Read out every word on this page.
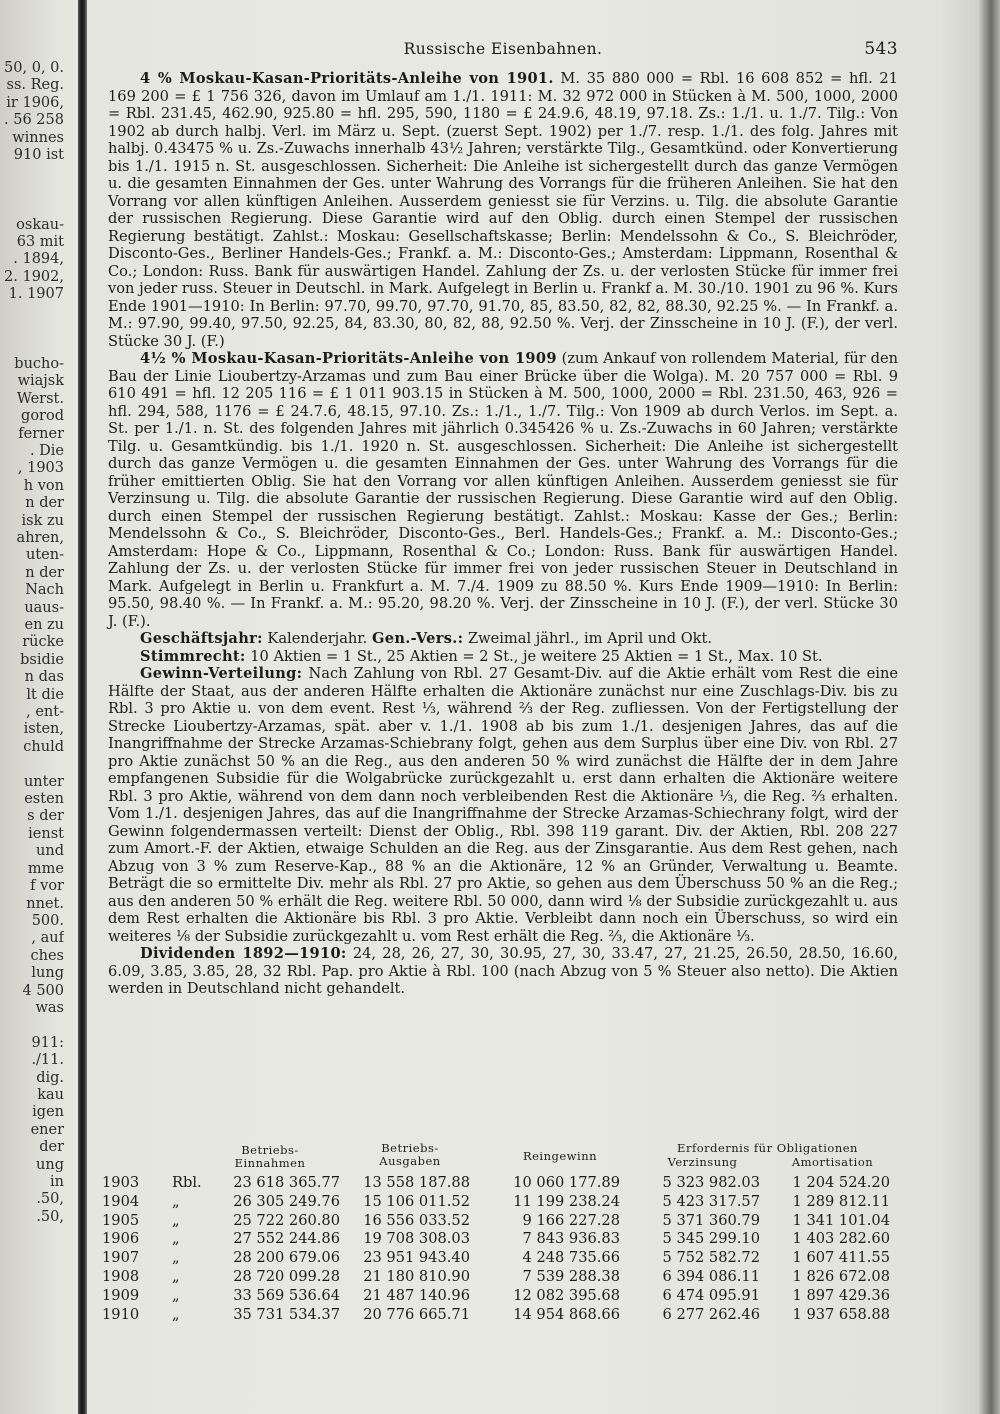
50, 0, 0.
ss. Reg.
ir 1906,
. 56 258
winnes
910 ist

oskau-
63 mit
. 1894,
2. 1902,
1. 1907

bucho-
wiajsk
Werst.
gorod
ferner
. Die
, 1903
h von
n der
isk zu
ahren,
uten-
n der
Nach
uaus-
en zu
rücke
bsidie
n das
lt die
, ent-
isten,
chuld

unter
esten
s der
ienst
und
mme
f vor
nnet.
500.
, auf
ches
lung
4 500
was

911:
./11.
dig.
kau
igen
ener
der
ung
in
.50,
.50,
Russische Eisenbahnen.	543

4 % Moskau-Kasan-Prioritäts-Anleihe von 1901. M. 35 880 000 = Rbl. 16 608 852 = hfl. 21 169 200 = £ 1 756 326, davon im Umlauf am 1./1. 1911: M. 32 972 000 in Stücken à M. 500, 1000, 2000 = Rbl. 231.45, 462.90, 925.80 = hfl. 295, 590, 1180 = £ 24.9.6, 48.19, 97.18. Zs.: 1./1. u. 1./7. Tilg.: Von 1902 ab durch halbj. Verl. im März u. Sept. (zuerst Sept. 1902) per 1./7. resp. 1./1. des folg. Jahres mit halbj. 0.43475 % u. Zs.-Zuwachs innerhalb 43½ Jahren; verstärkte Tilg., Gesamtkünd. oder Konvertierung bis 1./1. 1915 n. St. ausgeschlossen. Sicherheit: Die Anleihe ist sichergestellt durch das ganze Vermögen u. die gesamten Einnahmen der Ges. unter Wahrung des Vorrangs für die früheren Anleihen. Sie hat den Vorrang vor allen künftigen Anleihen. Ausserdem geniesst sie für Verzins. u. Tilg. die absolute Garantie der russischen Regierung. Diese Garantie wird auf den Oblig. durch einen Stempel der russischen Regierung bestätigt. Zahlst.: Moskau: Gesellschaftskasse; Berlin: Mendelssohn & Co., S. Bleichröder, Disconto-Ges., Berliner Handels-Ges.; Frankf. a. M.: Disconto-Ges.; Amsterdam: Lippmann, Rosenthal & Co.; London: Russ. Bank für auswärtigen Handel. Zahlung der Zs. u. der verlosten Stücke für immer frei von jeder russ. Steuer in Deutschl. in Mark. Aufgelegt in Berlin u. Frankf a. M. 30./10. 1901 zu 96 %. Kurs Ende 1901—1910: In Berlin: 97.70, 99.70, 97.70, 91.70, 85, 83.50, 82, 82, 88.30, 92.25 %. — In Frankf. a. M.: 97.90, 99.40, 97.50, 92.25, 84, 83.30, 80, 82, 88, 92.50 %. Verj. der Zinsscheine in 10 J. (F.), der verl. Stücke 30 J. (F.)

4½ % Moskau-Kasan-Prioritäts-Anleihe von 1909 (zum Ankauf von rollendem Material, für den Bau der Linie Lioubertzy-Arzamas und zum Bau einer Brücke über die Wolga). M. 20 757 000 = Rbl. 9 610 491 = hfl. 12 205 116 = £ 1 011 903.15 in Stücken à M. 500, 1000, 2000 = Rbl. 231.50, 463, 926 = hfl. 294, 588, 1176 = £ 24.7.6, 48.15, 97.10. Zs.: 1./1., 1./7. Tilg.: Von 1909 ab durch Verlos. im Sept. a. St. per 1./1. n. St. des folgenden Jahres mit jährlich 0.345426 % u. Zs.-Zuwachs in 60 Jahren; verstärkte Tilg. u. Gesamtkündig. bis 1./1. 1920 n. St. ausgeschlossen. Sicherheit: Die Anleihe ist sichergestellt durch das ganze Vermögen u. die gesamten Einnahmen der Ges. unter Wahrung des Vorrangs für die früher emittierten Oblig. Sie hat den Vorrang vor allen künftigen Anleihen. Ausserdem geniesst sie für Verzinsung u. Tilg. die absolute Garantie der russischen Regierung. Diese Garantie wird auf den Oblig. durch einen Stempel der russischen Regierung bestätigt. Zahlst.: Moskau: Kasse der Ges.; Berlin: Mendelssohn & Co., S. Bleichröder, Disconto-Ges., Berl. Handels-Ges.; Frankf. a. M.: Disconto-Ges.; Amsterdam: Hope & Co., Lippmann, Rosenthal & Co.; London: Russ. Bank für auswärtigen Handel. Zahlung der Zs. u. der verlosten Stücke für immer frei von jeder russischen Steuer in Deutschland in Mark. Aufgelegt in Berlin u. Frankfurt a. M. 7./4. 1909 zu 88.50 %. Kurs Ende 1909—1910: In Berlin: 95.50, 98.40 %. — In Frankf. a. M.: 95.20, 98.20 %. Verj. der Zinsscheine in 10 J. (F.), der verl. Stücke 30 J. (F.).

Geschäftsjahr: Kalenderjahr. Gen.-Vers.: Zweimal jährl., im April und Okt.

Stimmrecht: 10 Aktien = 1 St., 25 Aktien = 2 St., je weitere 25 Aktien = 1 St., Max. 10 St.

Gewinn-Verteilung: Nach Zahlung von Rbl. 27 Gesamt-Div. auf die Aktie erhält vom Rest die eine Hälfte der Staat, aus der anderen Hälfte erhalten die Aktionäre zunächst nur eine Zuschlags-Div. bis zu Rbl. 3 pro Aktie u. von dem event. Rest ⅓, während ⅔ der Reg. zufliessen. Von der Fertigstellung der Strecke Lioubertzy-Arzamas, spät. aber v. 1./1. 1908 ab bis zum 1./1. desjenigen Jahres, das auf die Inangriffnahme der Strecke Arzamas-Schiebrany folgt, gehen aus dem Surplus über eine Div. von Rbl. 27 pro Aktie zunächst 50 % an die Reg., aus den anderen 50 % wird zunächst die Hälfte der in dem Jahre empfangenen Subsidie für die Wolgabrücke zurückgezahlt u. erst dann erhalten die Aktionäre weitere Rbl. 3 pro Aktie, während von dem dann noch verbleibenden Rest die Aktionäre ⅓, die Reg. ⅔ erhalten. Vom 1./1. desjenigen Jahres, das auf die Inangriffnahme der Strecke Arzamas-Schiechrany folgt, wird der Gewinn folgendermassen verteilt: Dienst der Oblig., Rbl. 398 119 garant. Div. der Aktien, Rbl. 208 227 zum Amort.-F. der Aktien, etwaige Schulden an die Reg. aus der Zinsgarantie. Aus dem Rest gehen, nach Abzug von 3 % zum Reserve-Kap., 88 % an die Aktionäre, 12 % an Gründer, Verwaltung u. Beamte. Beträgt die so ermittelte Div. mehr als Rbl. 27 pro Aktie, so gehen aus dem Überschuss 50 % an die Reg.; aus den anderen 50 % erhält die Reg. weitere Rbl. 50 000, dann wird ⅛ der Subsidie zurückgezahlt u. aus dem Rest erhalten die Aktionäre bis Rbl. 3 pro Aktie. Verbleibt dann noch ein Überschuss, so wird ein weiteres ⅛ der Subsidie zurückgezahlt u. vom Rest erhält die Reg. ⅔, die Aktionäre ⅓.

Dividenden 1892—1910: 24, 28, 26, 27, 30, 30.95, 27, 30, 33.47, 27, 21.25, 26.50, 28.50, 16.60, 6.09, 3.85, 3.85, 28, 32 Rbl. Pap. pro Aktie à Rbl. 100 (nach Abzug von 5 % Steuer also netto). Die Aktien werden in Deutschland nicht gehandelt.

Betriebs-
Einnahmen
Betriebs-
Ausgaben	Reingewinn
Erfordernis für Obligationen
Verzinsung	Amortisation
1903 Rbl.	23 618 365.77	13 558 187.88	10 060 177.89	5 323 982.03	1 204 524.20
1904 „	26 305 249.76	15 106 011.52	11 199 238.24	5 423 317.57	1 289 812.11
1905 „	25 722 260.80	16 556 033.52	9 166 227.28	5 371 360.79	1 341 101.04
1906 „	27 552 244.86	19 708 308.03	7 843 936.83	5 345 299.10	1 403 282.60
1907 „	28 200 679.06	23 951 943.40	4 248 735.66	5 752 582.72	1 607 411.55
1908 „	28 720 099.28	21 180 810.90	7 539 288.38	6 394 086.11	1 826 672.08
1909 „	33 569 536.64	21 487 140.96	12 082 395.68	6 474 095.91	1 897 429.36
1910 „	35 731 534.37	20 776 665.71	14 954 868.66	6 277 262.46	1 937 658.88
